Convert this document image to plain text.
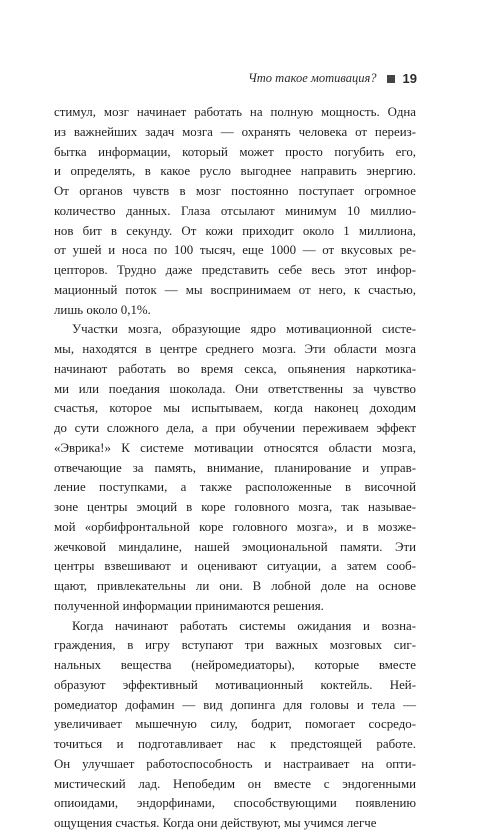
Что такое мотивация? 19
стимул, мозг начинает работать на полную мощность. Одна
из важнейших задач мозга — охранять человека от переиз-
бытка информации, который может просто погубить его,
и определять, в какое русло выгоднее направить энергию.
От органов чувств в мозг постоянно поступает огромное
количество данных. Глаза отсылают минимум 10 миллио-
нов бит в секунду. От кожи приходит около 1 миллиона,
от ушей и носа по 100 тысяч, еще 1000 — от вкусовых ре-
цепторов. Трудно даже представить себе весь этот инфор-
мационный поток — мы воспринимаем от него, к счастью,
лишь около 0,1%.
Участки мозга, образующие ядро мотивационной систе-
мы, находятся в центре среднего мозга. Эти области мозга
начинают работать во время секса, опьянения наркотика-
ми или поедания шоколада. Они ответственны за чувство
счастья, которое мы испытываем, когда наконец доходим
до сути сложного дела, а при обучении переживаем эффект
«Эврика!» К системе мотивации относятся области мозга,
отвечающие за память, внимание, планирование и управ-
ление поступками, а также расположенные в височной
зоне центры эмоций в коре головного мозга, так называе-
мой «орбифронтальной коре головного мозга», и в мозже-
жечковой миндалине, нашей эмоциональной памяти. Эти
центры взвешивают и оценивают ситуации, а затем сооб-
щают, привлекательны ли они. В лобной доле на основе
полученной информации принимаются решения.
Когда начинают работать системы ожидания и возна-
граждения, в игру вступают три важных мозговых сиг-
нальных вещества (нейромедиаторы), которые вместе
образуют эффективный мотивационный коктейль. Ней-
ромедиатор дофамин — вид допинга для головы и тела —
увеличивает мышечную силу, бодрит, помогает сосредо-
точиться и подготавливает нас к предстоящей работе.
Он улучшает работоспособность и настраивает на опти-
мистический лад. Непобедим он вместе с эндогенными
опиоидами, эндорфинами, способствующими появлению
ощущения счастья. Когда они действуют, мы учимся легче
